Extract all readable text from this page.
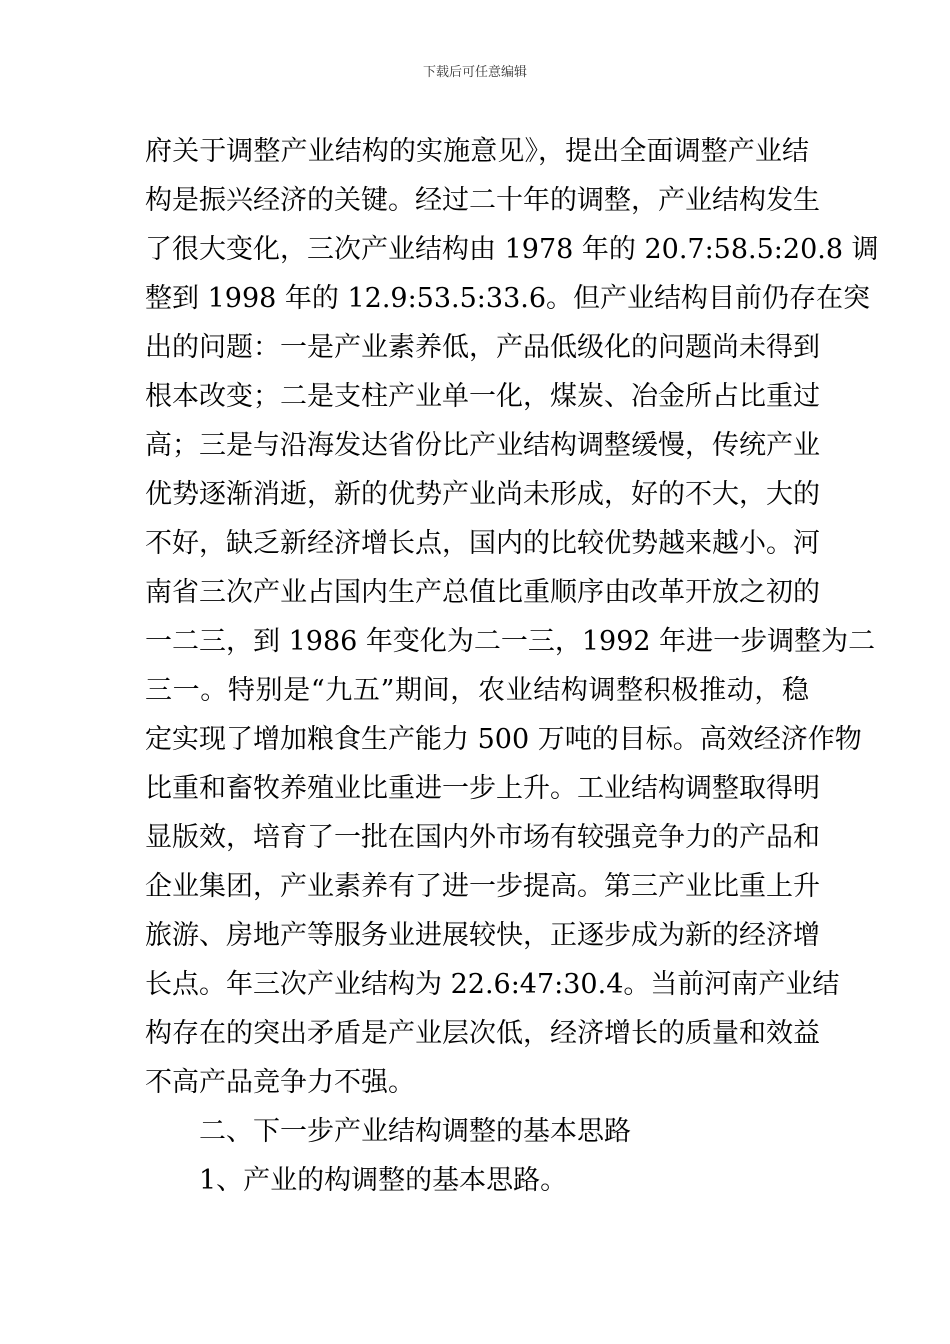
下载后可任意编辑

府关于调整产业结构的实施意见》，提出全面调整产业结
构是振兴经济的关键。经过二十年的调整，产业结构发生
了很大变化，三次产业结构由 1978 年的 20.7:58.5:20.8 调
整到 1998 年的 12.9:53.5:33.6。但产业结构目前仍存在突
出的问题：一是产业素养低，产品低级化的问题尚未得到
根本改变；二是支柱产业单一化，煤炭、冶金所占比重过
高；三是与沿海发达省份比产业结构调整缓慢，传统产业
优势逐渐消逝，新的优势产业尚未形成，好的不大，大的
不好，缺乏新经济增长点，国内的比较优势越来越小。河
南省三次产业占国内生产总值比重顺序由改革开放之初的
一二三，到 1986 年变化为二一三，1992 年进一步调整为二
三一。特别是“九五”期间，农业结构调整积极推动，稳
定实现了增加粮食生产能力 500 万吨的目标。高效经济作物
比重和畜牧养殖业比重进一步上升。工业结构调整取得明
显版效，培育了一批在国内外市场有较强竞争力的产品和
企业集团，产业素养有了进一步提高。第三产业比重上升
旅游、房地产等服务业进展较快，正逐步成为新的经济增
长点。年三次产业结构为 22.6:47:30.4。当前河南产业结
构存在的突出矛盾是产业层次低，经济增长的质量和效益
不高产品竞争力不强。

二、下一步产业结构调整的基本思路

1、产业的构调整的基本思路。
